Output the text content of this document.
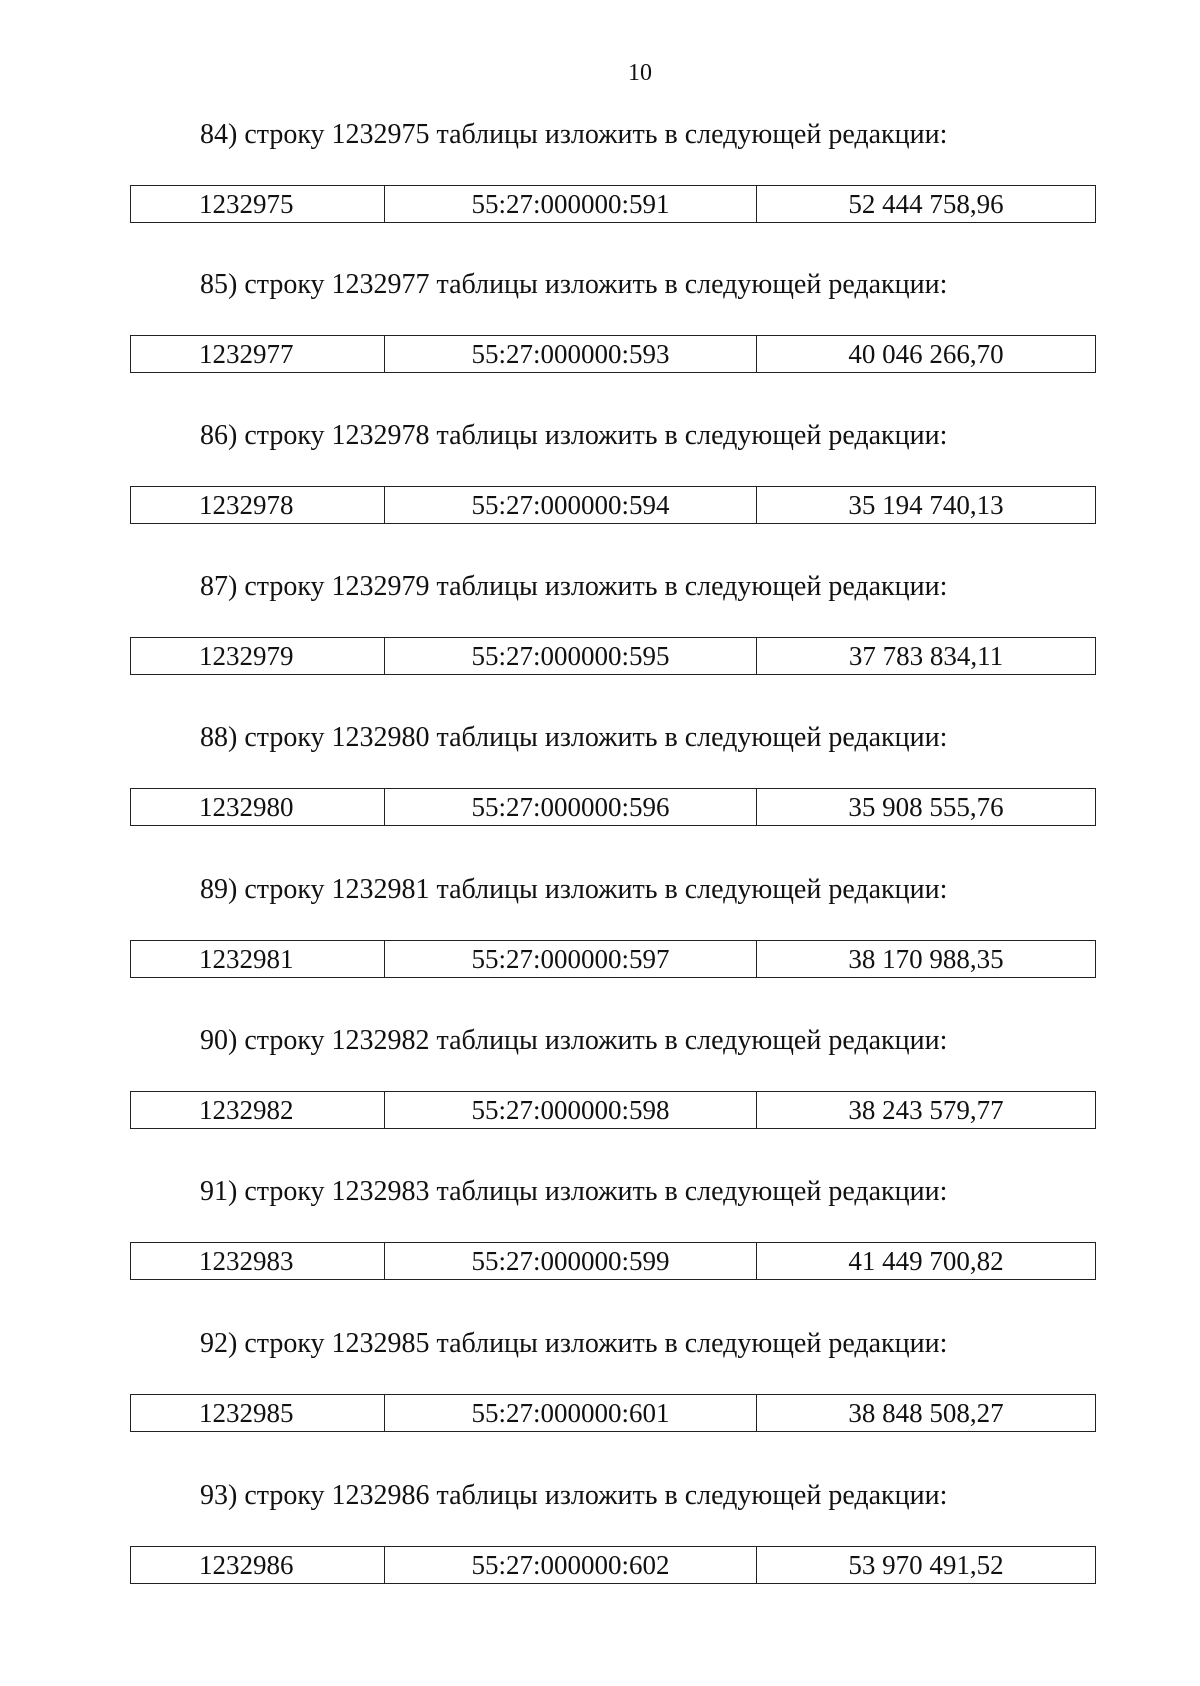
10
84) строку 1232975 таблицы изложить в следующей редакции:
1232975	55:27:000000:591	52 444 758,96
85) строку 1232977 таблицы изложить в следующей редакции:
1232977	55:27:000000:593	40 046 266,70
86) строку 1232978 таблицы изложить в следующей редакции:
1232978	55:27:000000:594	35 194 740,13
87) строку 1232979 таблицы изложить в следующей редакции:
1232979	55:27:000000:595	37 783 834,11
88) строку 1232980 таблицы изложить в следующей редакции:
1232980	55:27:000000:596	35 908 555,76
89) строку 1232981 таблицы изложить в следующей редакции:
1232981	55:27:000000:597	38 170 988,35
90) строку 1232982 таблицы изложить в следующей редакции:
1232982	55:27:000000:598	38 243 579,77
91) строку 1232983 таблицы изложить в следующей редакции:
1232983	55:27:000000:599	41 449 700,82
92) строку 1232985 таблицы изложить в следующей редакции:
1232985	55:27:000000:601	38 848 508,27
93) строку 1232986 таблицы изложить в следующей редакции:
1232986	55:27:000000:602	53 970 491,52
